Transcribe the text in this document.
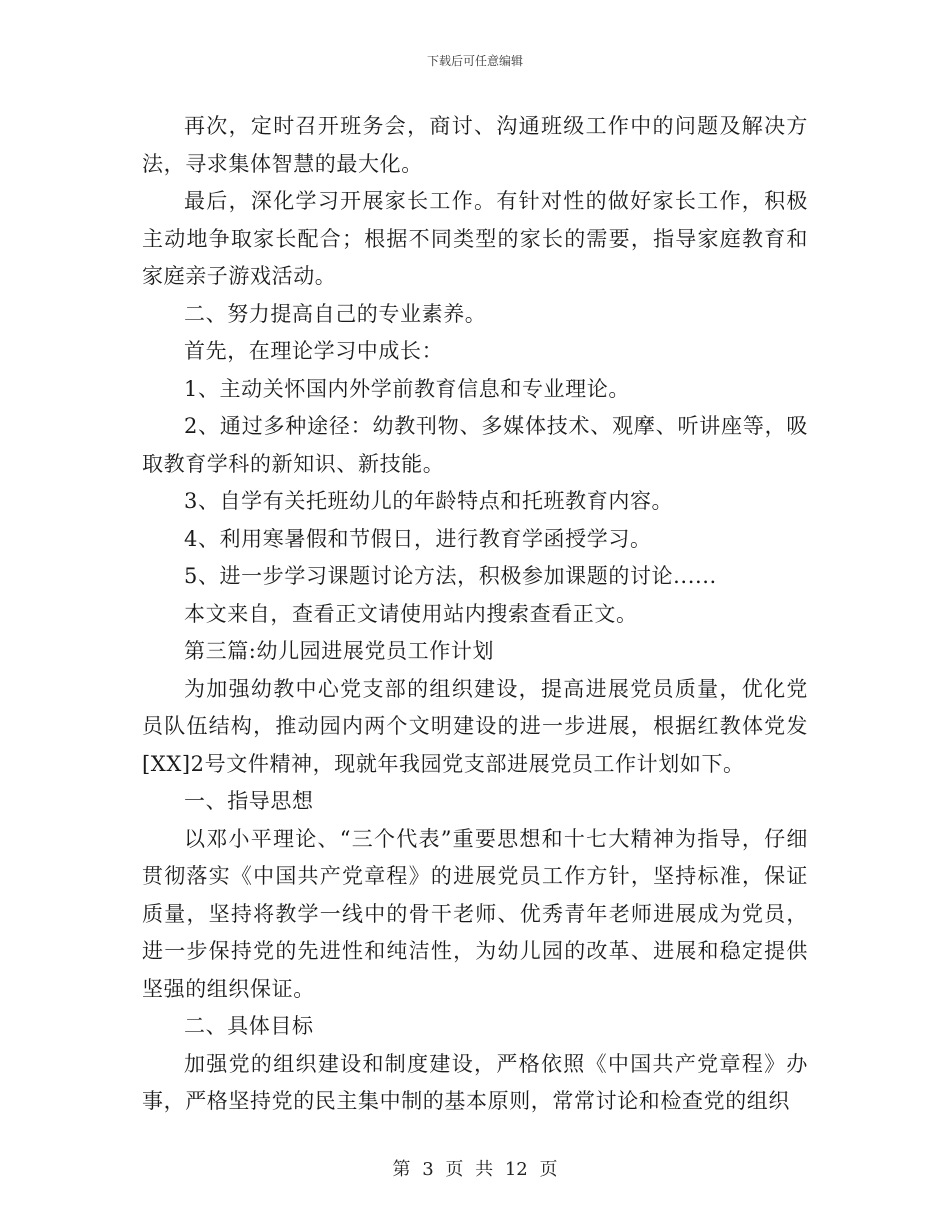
下载后可任意编辑

再次，定时召开班务会，商讨、沟通班级工作中的问题及解决方法，寻求集体智慧的最大化。

最后，深化学习开展家长工作。有针对性的做好家长工作，积极主动地争取家长配合；根据不同类型的家长的需要，指导家庭教育和家庭亲子游戏活动。

二、努力提高自己的专业素养。

首先，在理论学习中成长：

1、主动关怀国内外学前教育信息和专业理论。

2、通过多种途径：幼教刊物、多媒体技术、观摩、听讲座等，吸取教育学科的新知识、新技能。

3、自学有关托班幼儿的年龄特点和托班教育内容。

4、利用寒暑假和节假日，进行教育学函授学习。

5、进一步学习课题讨论方法，积极参加课题的讨论......

本文来自，查看正文请使用站内搜索查看正文。

第三篇:幼儿园进展党员工作计划

为加强幼教中心党支部的组织建设，提高进展党员质量，优化党员队伍结构，推动园内两个文明建设的进一步进展，根据红教体党发[XX]2号文件精神，现就年我园党支部进展党员工作计划如下。

一、指导思想

以邓小平理论、“三个代表”重要思想和十七大精神为指导，仔细贯彻落实《中国共产党章程》的进展党员工作方针，坚持标准，保证质量，坚持将教学一线中的骨干老师、优秀青年老师进展成为党员，进一步保持党的先进性和纯洁性，为幼儿园的改革、进展和稳定提供坚强的组织保证。

二、具体目标

加强党的组织建设和制度建设，严格依照《中国共产党章程》办事，严格坚持党的民主集中制的基本原则，常常讨论和检查党的组织

第 3 页 共 12 页
